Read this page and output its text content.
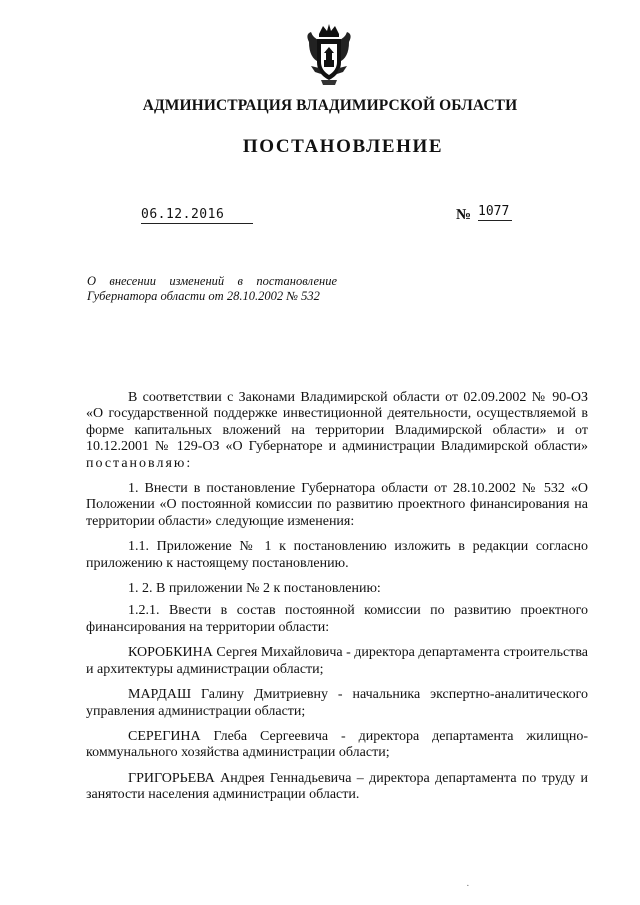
АДМИНИСТРАЦИЯ ВЛАДИМИРСКОЙ ОБЛАСТИ
ПОСТАНОВЛЕНИЕ
06.12.2016	№ 1077
О внесении изменений в постановление
Губернатора области от 28.10.2002 № 532

В соответствии с Законами Владимирской области от 02.09.2002 № 90-ОЗ «О государственной поддержке инвестиционной деятельности, осуществляемой в форме капитальных вложений на территории Владимирской области» и от 10.12.2001 № 129-ОЗ «О Губернаторе и администрации Владимирской области» постановляю:

1. Внести в постановление Губернатора области от 28.10.2002 № 532 «О Положении «О постоянной комиссии по развитию проектного финансирования на территории области» следующие изменения:

1.1. Приложение № 1 к постановлению изложить в редакции согласно приложению к настоящему постановлению.

1. 2. В приложении № 2 к постановлению:

1.2.1. Ввести в состав постоянной комиссии по развитию проектного финансирования на территории области:

КОРОБКИНА Сергея Михайловича - директора департамента строительства и архитектуры администрации области;

МАРДАШ Галину Дмитриевну - начальника экспертно-аналитического управления администрации области;

СЕРЕГИНА Глеба Сергеевича - директора департамента жилищно-коммунального хозяйства администрации области;

ГРИГОРЬЕВА Андрея Геннадьевича – директора департамента по труду и занятости населения администрации области.

·
